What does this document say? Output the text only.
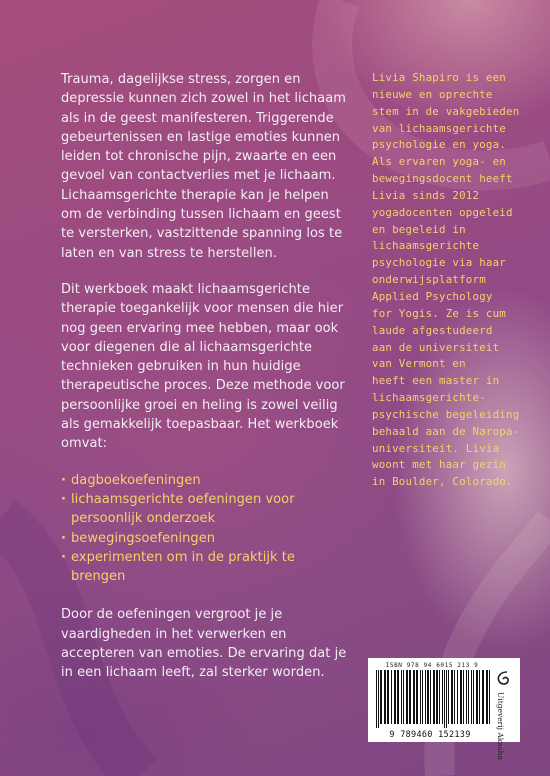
Trauma, dagelijkse stress, zorgen en depressie kunnen zich zowel in het lichaam als in de geest manifesteren. Triggerende gebeurtenissen en lastige emoties kunnen leiden tot chronische pijn, zwaarte en een gevoel van contactverlies met je lichaam. Lichaamsgerichte therapie kan je helpen om de verbinding tussen lichaam en geest te versterken, vastzittende spanning los te laten en van stress te herstellen.

Dit werkboek maakt lichaamsgerichte therapie toegankelijk voor mensen die hier nog geen ervaring mee hebben, maar ook voor diegenen die al lichaamsgerichte technieken gebruiken in hun huidige therapeutische proces. Deze methode voor persoonlijke groei en heling is zowel veilig als gemakkelijk toepasbaar. Het werkboek omvat:

· dagboekoefeningen
· lichaamsgerichte oefeningen voor persoonlijk onderzoek
· bewegingsoefeningen
· experimenten om in de praktijk te brengen

Door de oefeningen vergroot je je vaardigheden in het verwerken en accepteren van emoties. De ervaring dat je in een lichaam leeft, zal sterker worden.

Livia Shapiro is een
nieuwe en oprechte
stem in de vakgebieden
van lichaamsgerichte
psychologie en yoga.
Als ervaren yoga- en
bewegingsdocent heeft
Livia sinds 2012
yogadocenten opgeleid
en begeleid in
lichaamsgerichte
psychologie via haar
onderwijsplatform
Applied Psychology
for Yogis. Ze is cum
laude afgestudeerd
aan de universiteit
van Vermont en
heeft een master in
lichaamsgerichte-
psychische begeleiding
behaald aan de Naropa-
universiteit. Livia
woont met haar gezin
in Boulder, Colorado.
ISBN 978 94 6015 213 9
9 789460 152139	Uitgeverij Akasha
